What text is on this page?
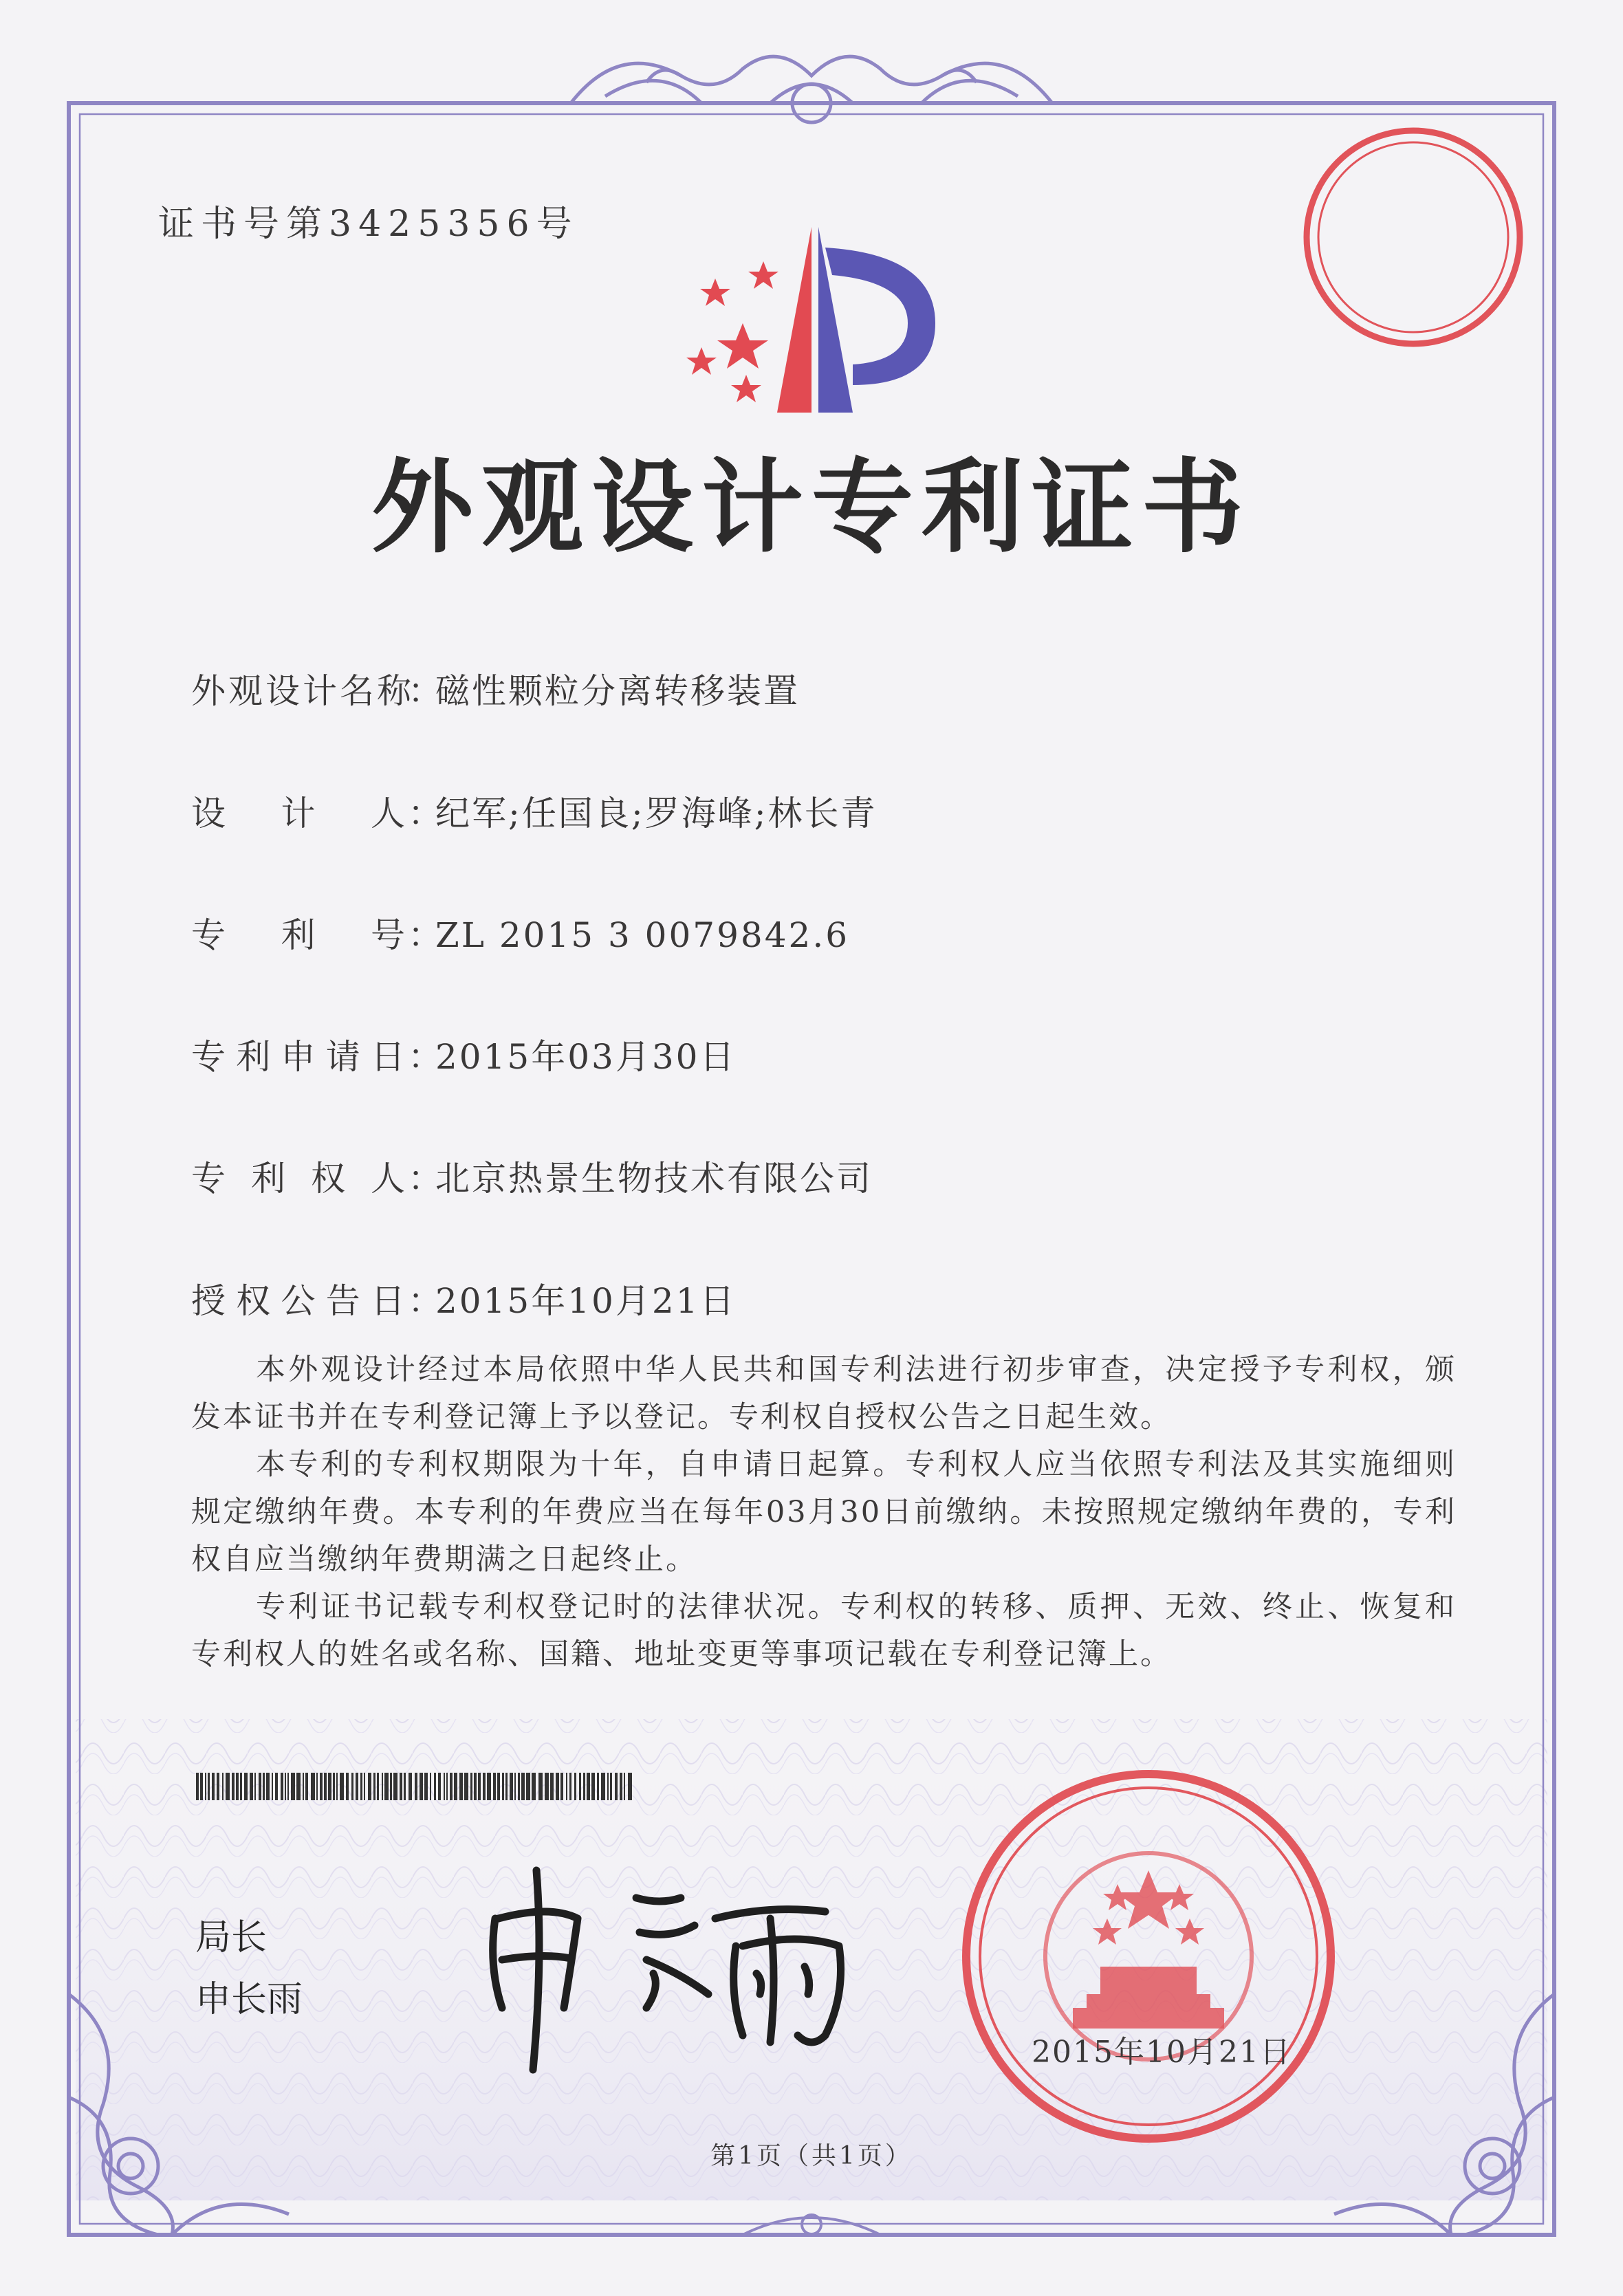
证书号第3425356号
外观设计专利证书
外观设计名称：磁性颗粒分离转移装置
设计人：纪军;任国良;罗海峰;林长青
专利号：ZL 2015 3 0079842.6
专利申请日：2015年03月30日
专利权人：北京热景生物技术有限公司
授权公告日：2015年10月21日

本外观设计经过本局依照中华人民共和国专利法进行初步审查，决定授予专利权，颁发本证书并在专利登记簿上予以登记。专利权自授权公告之日起生效。

本专利的专利权期限为十年，自申请日起算。专利权人应当依照专利法及其实施细则规定缴纳年费。本专利的年费应当在每年03月30日前缴纳。未按照规定缴纳年费的，专利权自应当缴纳年费期满之日起终止。

专利证书记载专利权登记时的法律状况。专利权的转移、质押、无效、终止、恢复和专利权人的姓名或名称、国籍、地址变更等事项记载在专利登记簿上。

局长
申长雨
2015年10月21日
第1页（共1页）
